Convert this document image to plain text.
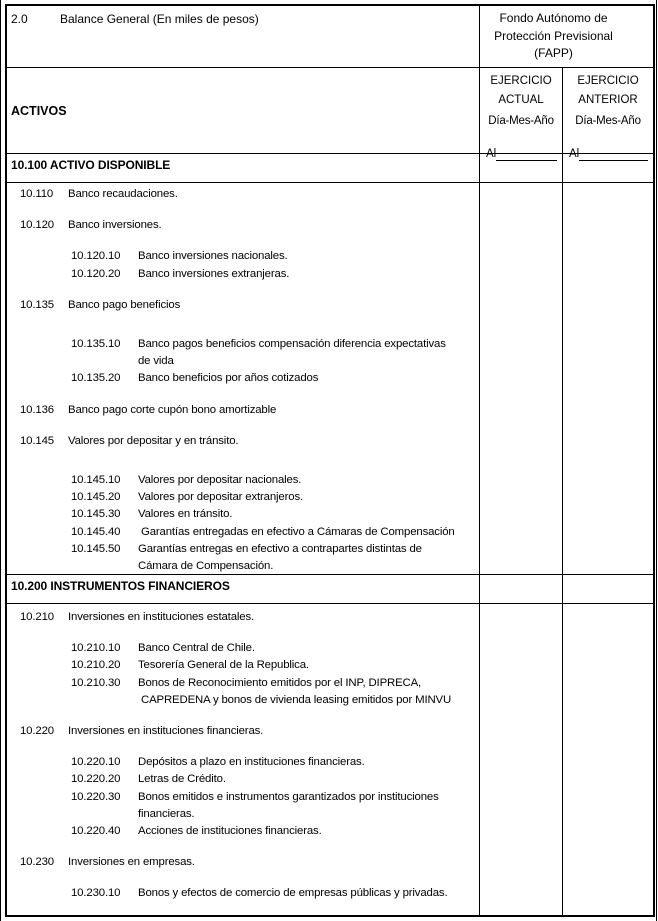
2.0	Balance General (En miles de pesos)	Fondo Autónomo de
Protección Previsional (FAPP)
ACTIVOS
EJERCICIO
ACTUAL
Día-Mes-Año
Al
EJERCICIO
ANTERIOR
Día-Mes-Año
Al
10.100 ACTIVO DISPONIBLE
10.110 Banco recaudaciones.
10.120 Banco inversiones.
10.120.10 Banco inversiones nacionales.
10.120.20 Banco inversiones extranjeras.
10.135 Banco pago beneficios
10.135.10 Banco pagos beneficios compensación diferencia expectativas
de vida
10.135.20 Banco beneficios por años cotizados
10.136 Banco pago corte cupón bono amortizable
10.145 Valores por depositar y en tránsito.
10.145.10 Valores por depositar nacionales.
10.145.20 Valores por depositar extranjeros.
10.145.30 Valores en tránsito.
10.145.40 Garantías entregadas en efectivo a Cámaras de Compensación
10.145.50 Garantías entregas en efectivo a contrapartes distintas de
Cámara de Compensación.
10.200 INSTRUMENTOS FINANCIEROS
10.210 Inversiones en instituciones estatales.
10.210.10 Banco Central de Chile.
10.210.20 Tesorería General de la Republica.
10.210.30 Bonos de Reconocimiento emitidos por el INP, DIPRECA,
CAPREDENA y bonos de vivienda leasing emitidos por MINVU
10.220 Inversiones en instituciones financieras.
10.220.10 Depósitos a plazo en instituciones financieras.
10.220.20 Letras de Crédito.
10.220.30 Bonos emitidos e instrumentos garantizados por instituciones
financieras.
10.220.40 Acciones de instituciones financieras.
10.230 Inversiones en empresas.
10.230.10 Bonos y efectos de comercio de empresas públicas y privadas.
